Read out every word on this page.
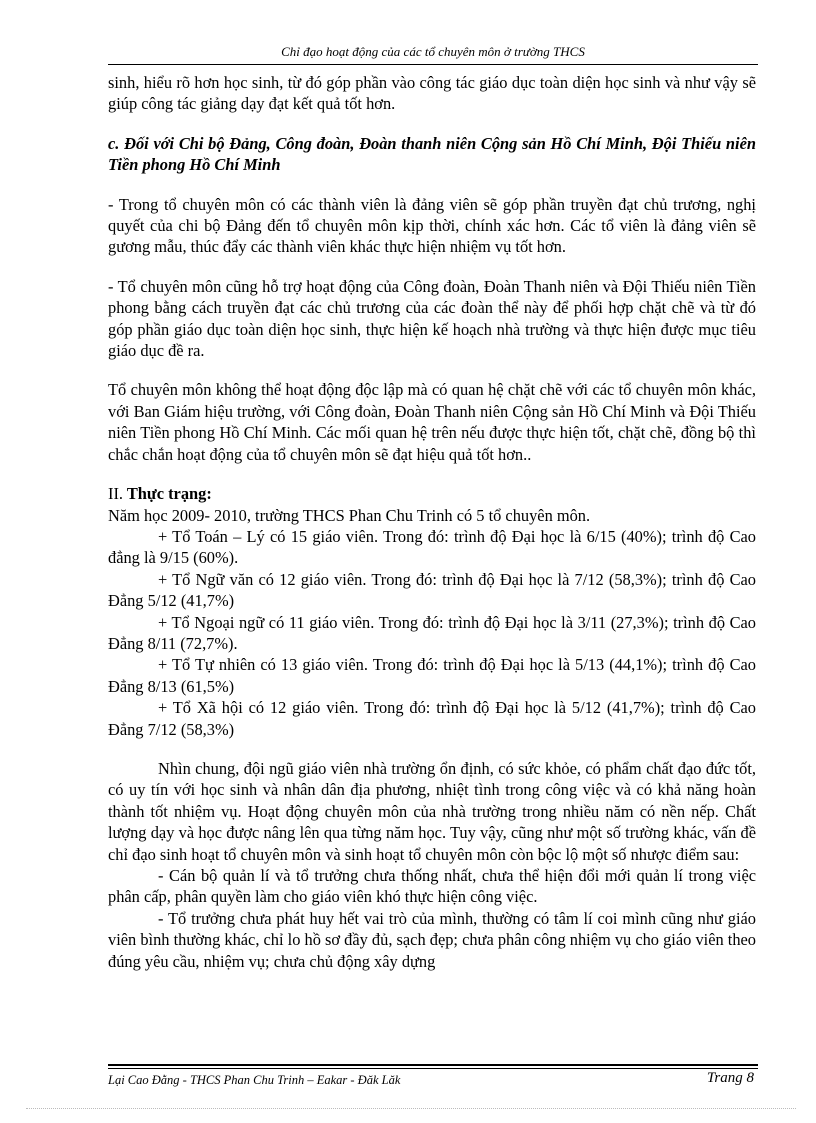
Chỉ đạo hoạt động của các tổ chuyên môn ở trường THCS

sinh, hiểu rõ hơn học sinh, từ đó góp phần vào công tác giáo dục toàn diện học sinh và như vậy sẽ giúp công tác giảng dạy đạt kết quả tốt hơn.

c. Đối với Chi bộ Đảng, Công đoàn, Đoàn thanh niên Cộng sản Hồ Chí Minh, Đội Thiếu niên Tiền phong Hồ Chí Minh

- Trong tổ chuyên môn có các thành viên là đảng viên sẽ góp phần truyền đạt chủ trương, nghị quyết của chi bộ Đảng đến tổ chuyên môn kịp thời, chính xác hơn. Các tổ viên là đảng viên sẽ gương mẫu, thúc đẩy các thành viên khác thực hiện nhiệm vụ tốt hơn.

- Tổ chuyên môn cũng hỗ trợ hoạt động của Công đoàn, Đoàn Thanh niên và Đội Thiếu niên Tiền phong bằng cách truyền đạt các chủ trương của các đoàn thể này để phối hợp chặt chẽ và từ đó góp phần giáo dục toàn diện học sinh, thực hiện kế hoạch nhà trường và thực hiện được mục tiêu giáo dục đề ra.

Tổ chuyên môn không thể hoạt động độc lập mà có quan hệ chặt chẽ với các tổ chuyên môn khác, với Ban Giám hiệu trường, với Công đoàn, Đoàn Thanh niên Cộng sản Hồ Chí Minh và Đội Thiếu niên Tiền phong Hồ Chí Minh. Các mối quan hệ trên nếu được thực hiện tốt, chặt chẽ, đồng bộ thì chắc chắn hoạt động của tổ chuyên môn sẽ đạt hiệu quả tốt hơn..

II. Thực trạng:

Năm học 2009- 2010, trường THCS Phan Chu Trinh có 5 tổ chuyên môn.

+ Tổ Toán – Lý có 15 giáo viên. Trong đó: trình độ Đại học là 6/15 (40%); trình độ Cao đẳng là 9/15 (60%).

+ Tổ Ngữ văn có 12 giáo viên. Trong đó: trình độ Đại học là 7/12 (58,3%); trình độ Cao Đẳng 5/12 (41,7%)

+ Tổ Ngoại ngữ có 11 giáo viên. Trong đó: trình độ Đại học là 3/11 (27,3%); trình độ Cao Đẳng 8/11 (72,7%).

+ Tổ Tự nhiên có 13 giáo viên. Trong đó: trình độ Đại học là 5/13 (44,1%); trình độ Cao Đẳng 8/13 (61,5%)

+ Tổ Xã hội có 12 giáo viên. Trong đó: trình độ Đại học là 5/12 (41,7%); trình độ Cao Đẳng 7/12 (58,3%)

Nhìn chung, đội ngũ giáo viên nhà trường ổn định, có sức khỏe, có phẩm chất đạo đức tốt, có uy tín với học sinh và nhân dân địa phương, nhiệt tình trong công việc và có khả năng hoàn thành tốt nhiệm vụ. Hoạt động chuyên môn của nhà trường trong nhiều năm có nền nếp. Chất lượng dạy và học được nâng lên qua từng năm học. Tuy vậy, cũng như một số trường khác, vấn đề chỉ đạo sinh hoạt tổ chuyên môn và sinh hoạt tổ chuyên môn còn bộc lộ một số nhược điểm sau:

- Cán bộ quản lí và tổ trưởng chưa thống nhất, chưa thể hiện đổi mới quản lí trong việc phân cấp, phân quyền làm cho giáo viên khó thực hiện công việc.

- Tổ trưởng chưa phát huy hết vai trò của mình, thường có tâm lí coi mình cũng như giáo viên bình thường khác, chỉ lo hồ sơ đầy đủ, sạch đẹp; chưa phân công nhiệm vụ cho giáo viên theo đúng yêu cầu, nhiệm vụ; chưa chủ động xây dựng

Lại Cao Đằng - THCS Phan Chu Trinh – Eakar - Đăk Lăk	Trang 8
